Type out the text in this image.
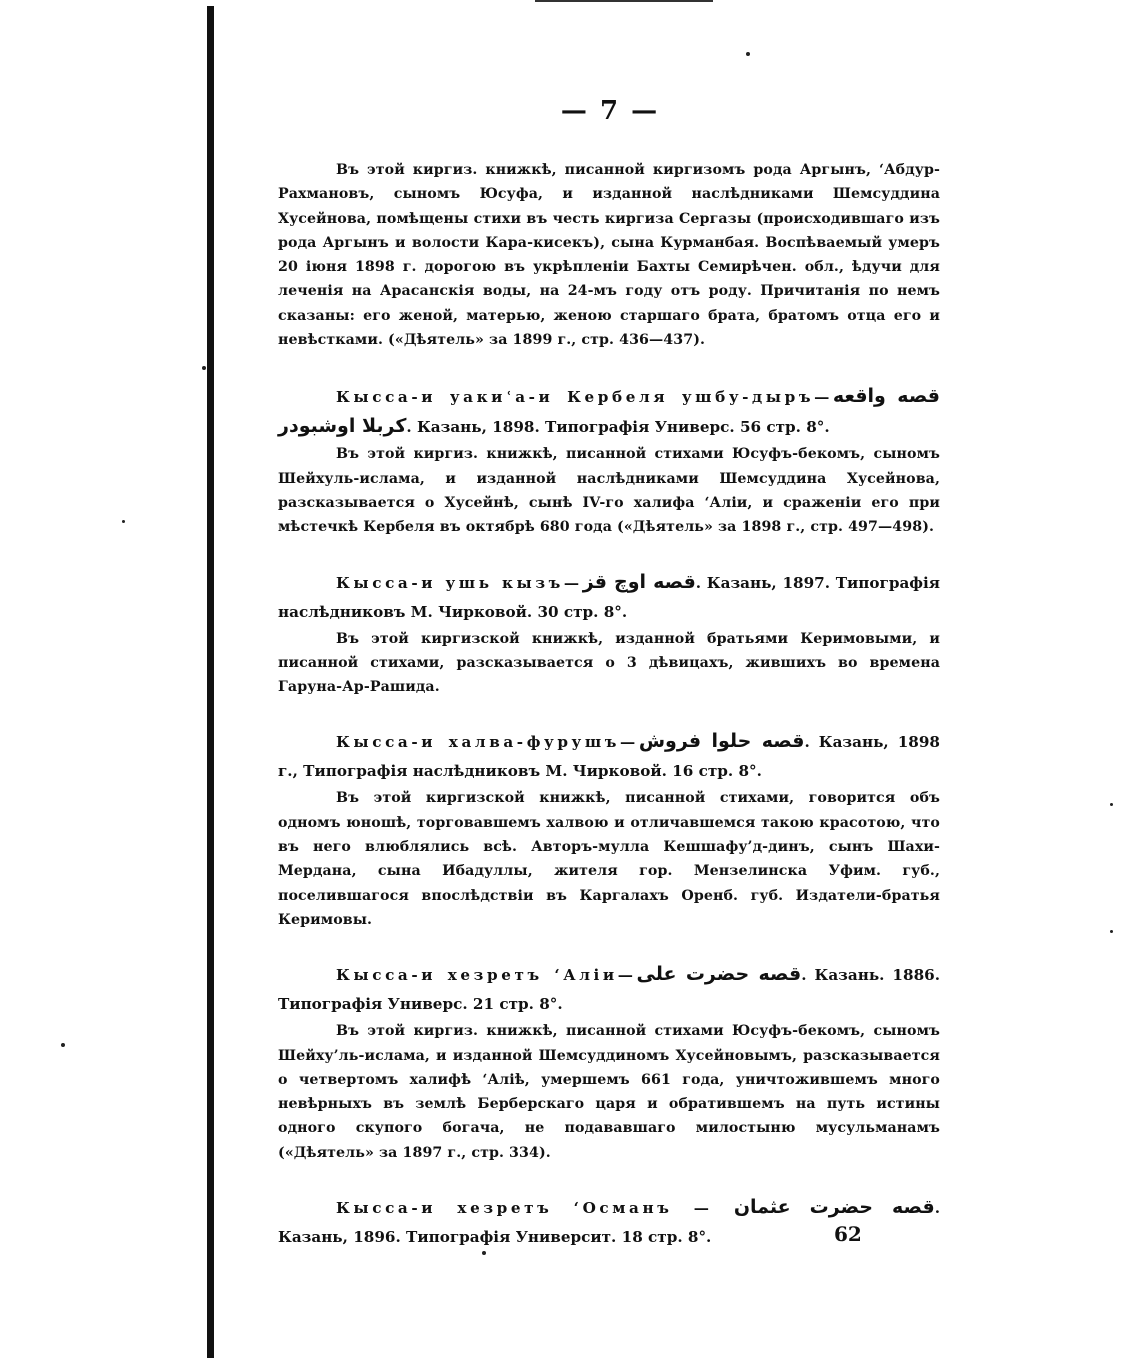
— 7 —

Въ этой киргиз. книжкѣ, писанной киргизомъ рода Аргынъ, ‘Абдур-Рахмановъ, сыномъ Юсуфа, и изданной наслѣдниками Шемсуддина Хусейнова, помѣщены стихи въ честь киргиза Сергазы (происходившаго изъ рода Аргынъ и волости Кара-кисекъ), сына Курманбая. Воспѣваемый умеръ 20 іюня 1898 г. дорогою въ укрѣпленіи Бахты Семирѣчен. обл., ѣдучи для леченія на Арасанскія воды, на 24-мъ году отъ роду. Причитанія по немъ сказаны: его женой, матерью, женою старшаго брата, братомъ отца его и невѣстками. («Дѣятель» за 1899 г., стр. 436—437).

Кысса-и уакиʿа-и Кербеля ушбу-дыръ—قصه واقعه كربلا اوشبودر. Казань, 1898. Типографія Универс. 56 стр. 8°.

Въ этой киргиз. книжкѣ, писанной стихами Юсуфъ-бекомъ, сыномъ Шейхуль-ислама, и изданной наслѣдниками Шемсуддина Хусейнова, разсказывается о Хусейнѣ, сынѣ IV-го халифа ‘Аліи, и сраженіи его при мѣстечкѣ Кербеля въ октябрѣ 680 года («Дѣятель» за 1898 г., стр. 497—498).

Кысса-и ушь кызъ—قصه اوچ قز. Казань, 1897. Типографія наслѣдниковъ М. Чирковой. 30 стр. 8°.

Въ этой киргизской книжкѣ, изданной братьями Керимовыми, и писанной стихами, разсказывается о 3 дѣвицахъ, жившихъ во времена Гаруна-Ар-Рашида.

Кысса-и халва-фурушъ—قصه حلوا فروش. Казань, 1898 г., Типографія наслѣдниковъ М. Чирковой. 16 стр. 8°.

Въ этой киргизской книжкѣ, писанной стихами, говорится объ одномъ юношѣ, торговавшемъ халвою и отличавшемся такою красотою, что въ него влюблялись всѣ. Авторъ-мулла Кешшафу’д-динъ, сынъ Шахи-Мердана, сына Ибадуллы, жителя гор. Мензелинска Уфим. губ., поселившагося впослѣдствіи въ Каргалахъ Оренб. губ. Издатели-братья Керимовы.

Кысса-и хезретъ ‘Аліи—قصه حضرت على. Казань. 1886. Типографія Универс. 21 стр. 8°.

Въ этой киргиз. книжкѣ, писанной стихами Юсуфъ-бекомъ, сыномъ Шейху’ль-ислама, и изданной Шемсуддиномъ Хусейновымъ, разсказывается о четвертомъ халифѣ ‘Аліѣ, умершемъ 661 года, уничтожившемъ много невѣрныхъ въ землѣ Берберскаго царя и обратившемъ на путь истины одного скупого богача, не подававшаго милостыню мусульманамъ («Дѣятель» за 1897 г., стр. 334).

Кысса-и хезретъ ‘Османъ — قصه حضرت عثمان. Казань, 1896. Типографія Университ. 18 стр. 8°.	62
